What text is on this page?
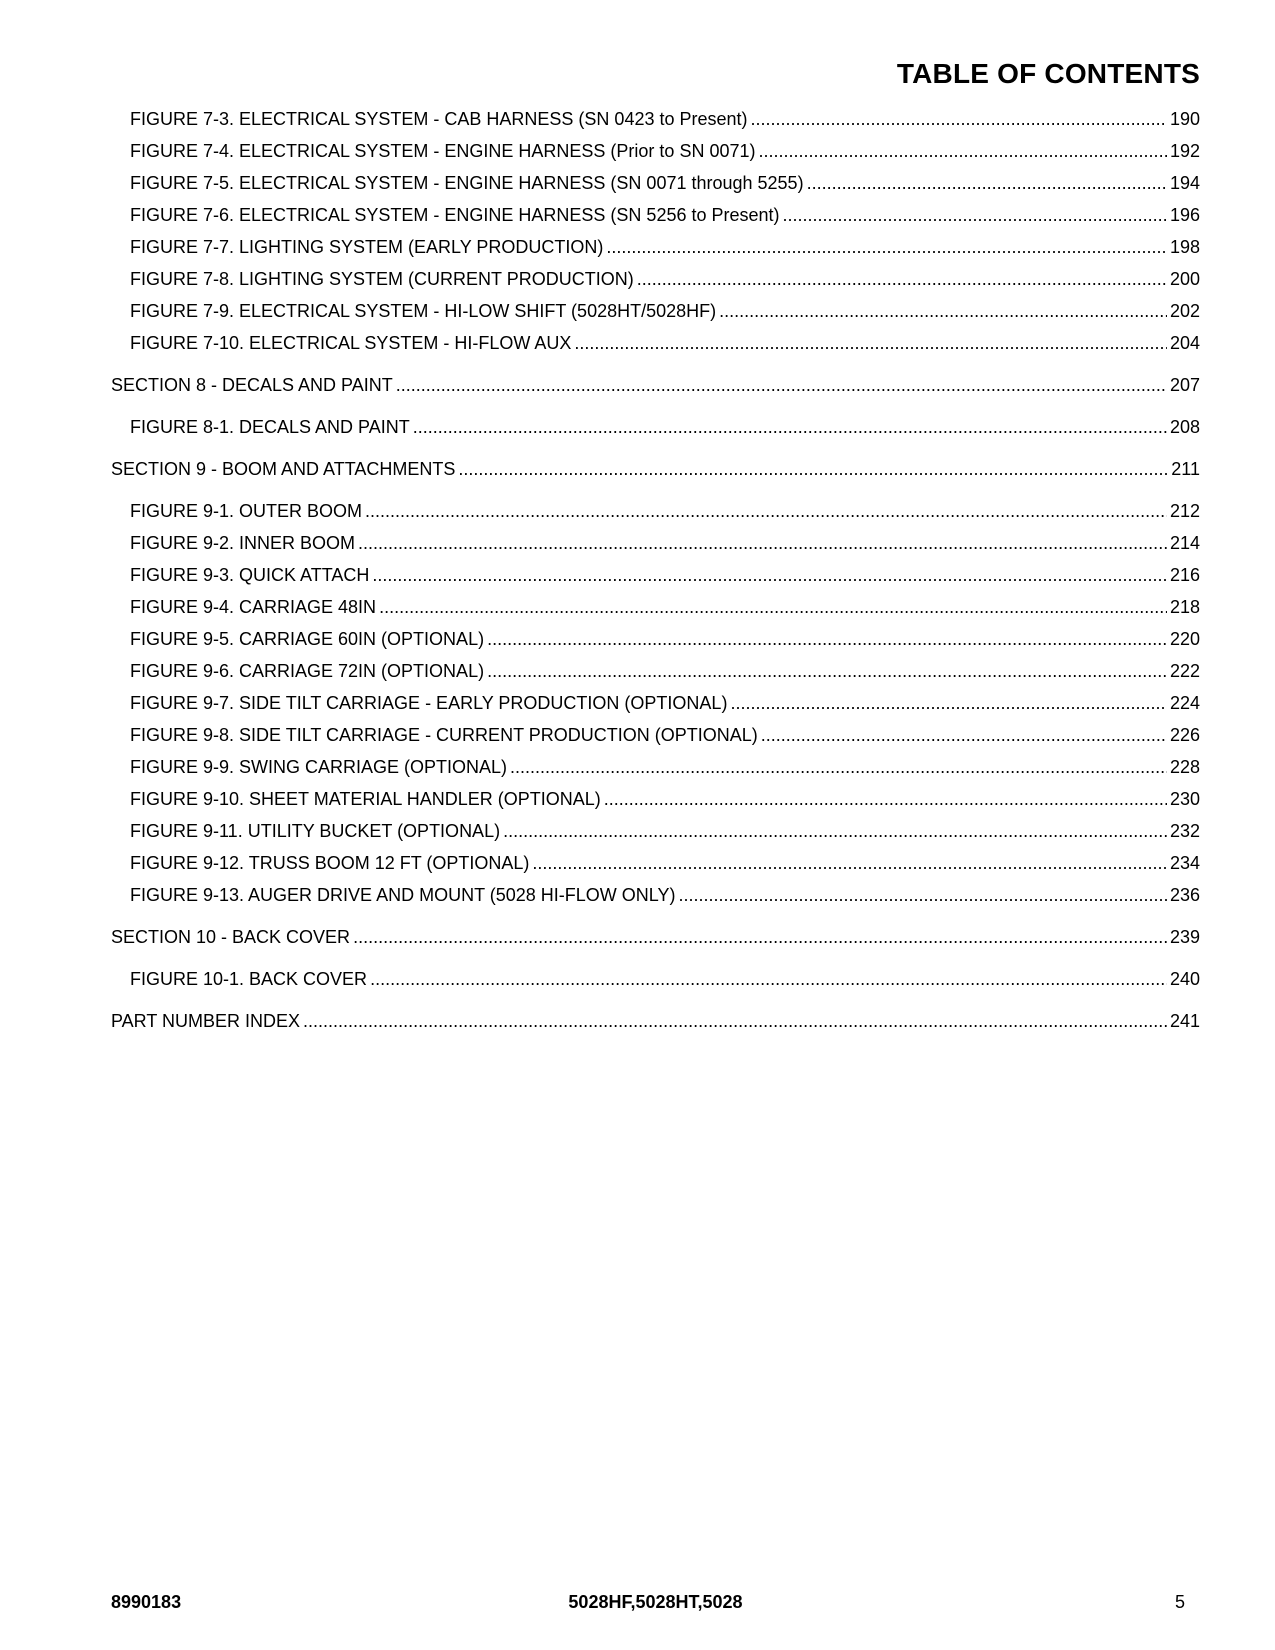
TABLE OF CONTENTS
FIGURE 7-3. ELECTRICAL SYSTEM - CAB HARNESS (SN 0423 to Present) .....	190
FIGURE 7-4. ELECTRICAL SYSTEM - ENGINE HARNESS (Prior to SN 0071) .....	192
FIGURE 7-5. ELECTRICAL SYSTEM - ENGINE HARNESS (SN 0071 through 5255) .....	194
FIGURE 7-6. ELECTRICAL SYSTEM - ENGINE HARNESS (SN 5256 to Present) .....	196
FIGURE 7-7. LIGHTING SYSTEM (EARLY PRODUCTION) .....	198
FIGURE 7-8. LIGHTING SYSTEM (CURRENT PRODUCTION) .....	200
FIGURE 7-9. ELECTRICAL SYSTEM - HI-LOW SHIFT (5028HT/5028HF) .....	202
FIGURE 7-10. ELECTRICAL SYSTEM - HI-FLOW AUX .....	204
SECTION 8 - DECALS AND PAINT .....	207
FIGURE 8-1. DECALS AND PAINT .....	208
SECTION 9 - BOOM AND ATTACHMENTS .....	211
FIGURE 9-1. OUTER BOOM .....	212
FIGURE 9-2. INNER BOOM .....	214
FIGURE 9-3. QUICK ATTACH .....	216
FIGURE 9-4. CARRIAGE 48IN .....	218
FIGURE 9-5. CARRIAGE 60IN (OPTIONAL) .....	220
FIGURE 9-6. CARRIAGE 72IN (OPTIONAL) .....	222
FIGURE 9-7. SIDE TILT CARRIAGE - EARLY PRODUCTION (OPTIONAL) .....	224
FIGURE 9-8. SIDE TILT CARRIAGE - CURRENT PRODUCTION (OPTIONAL) .....	226
FIGURE 9-9. SWING CARRIAGE (OPTIONAL) .....	228
FIGURE 9-10. SHEET MATERIAL HANDLER (OPTIONAL) .....	230
FIGURE 9-11. UTILITY BUCKET (OPTIONAL) .....	232
FIGURE 9-12. TRUSS BOOM 12 FT (OPTIONAL) .....	234
FIGURE 9-13. AUGER DRIVE AND MOUNT (5028 HI-FLOW ONLY) .....	236
SECTION 10 - BACK COVER .....	239
FIGURE 10-1. BACK COVER .....	240
PART NUMBER INDEX .....	241
8990183	5028HF,5028HT,5028	5
